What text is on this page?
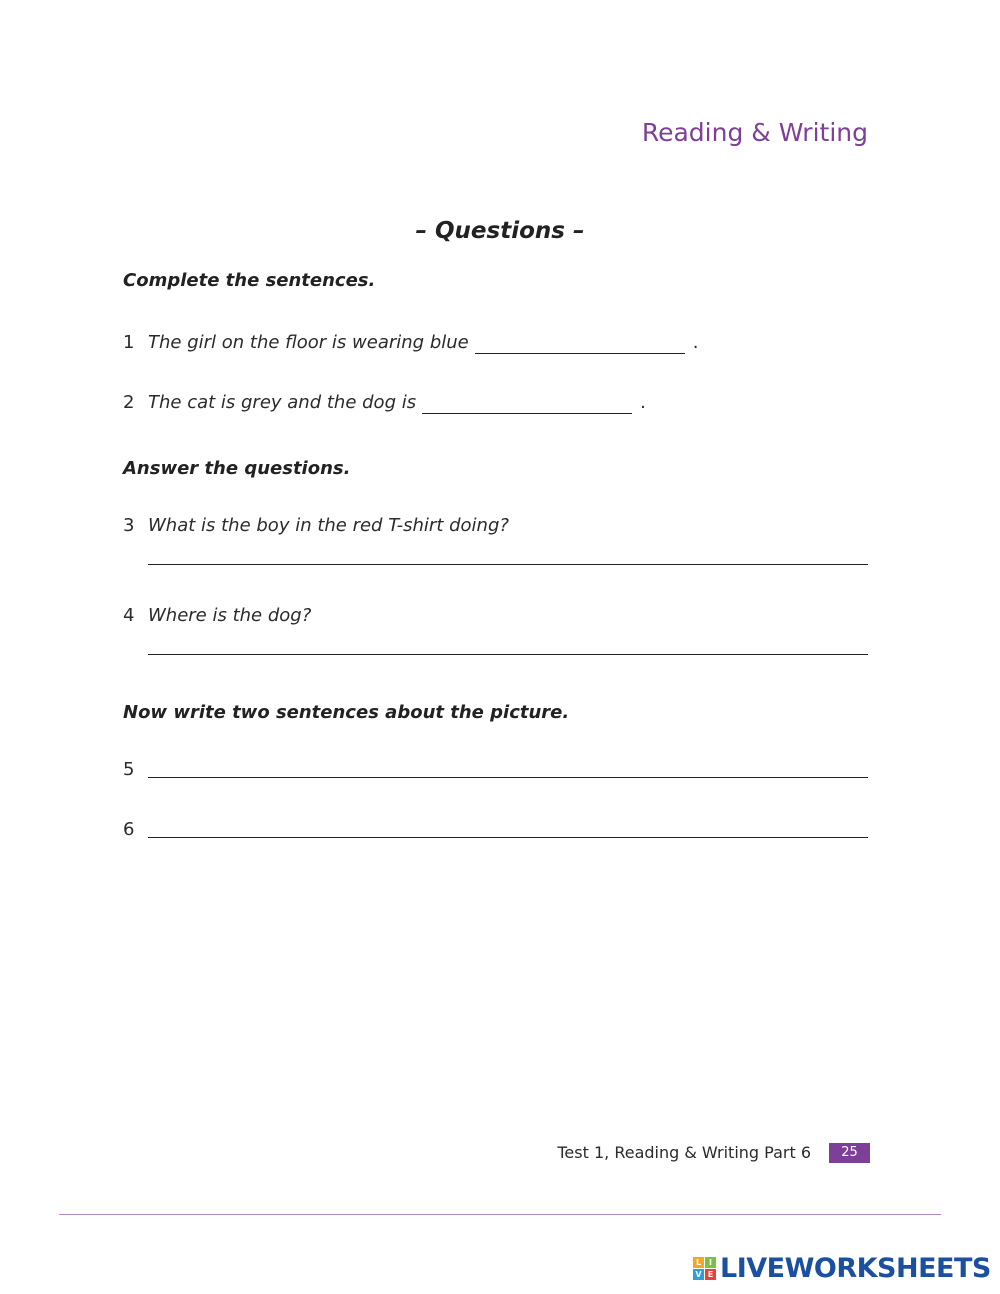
Reading & Writing
– Questions –
Complete the sentences.
1 The girl on the floor is wearing blue	.
2 The cat is grey and the dog is	.
Answer the questions.
3 What is the boy in the red T-shirt doing?
4 Where is the dog?
Now write two sentences about the picture.
5
6
Test 1, Reading & Writing Part 6	25
L I
V E LIVEWORKSHEETS
